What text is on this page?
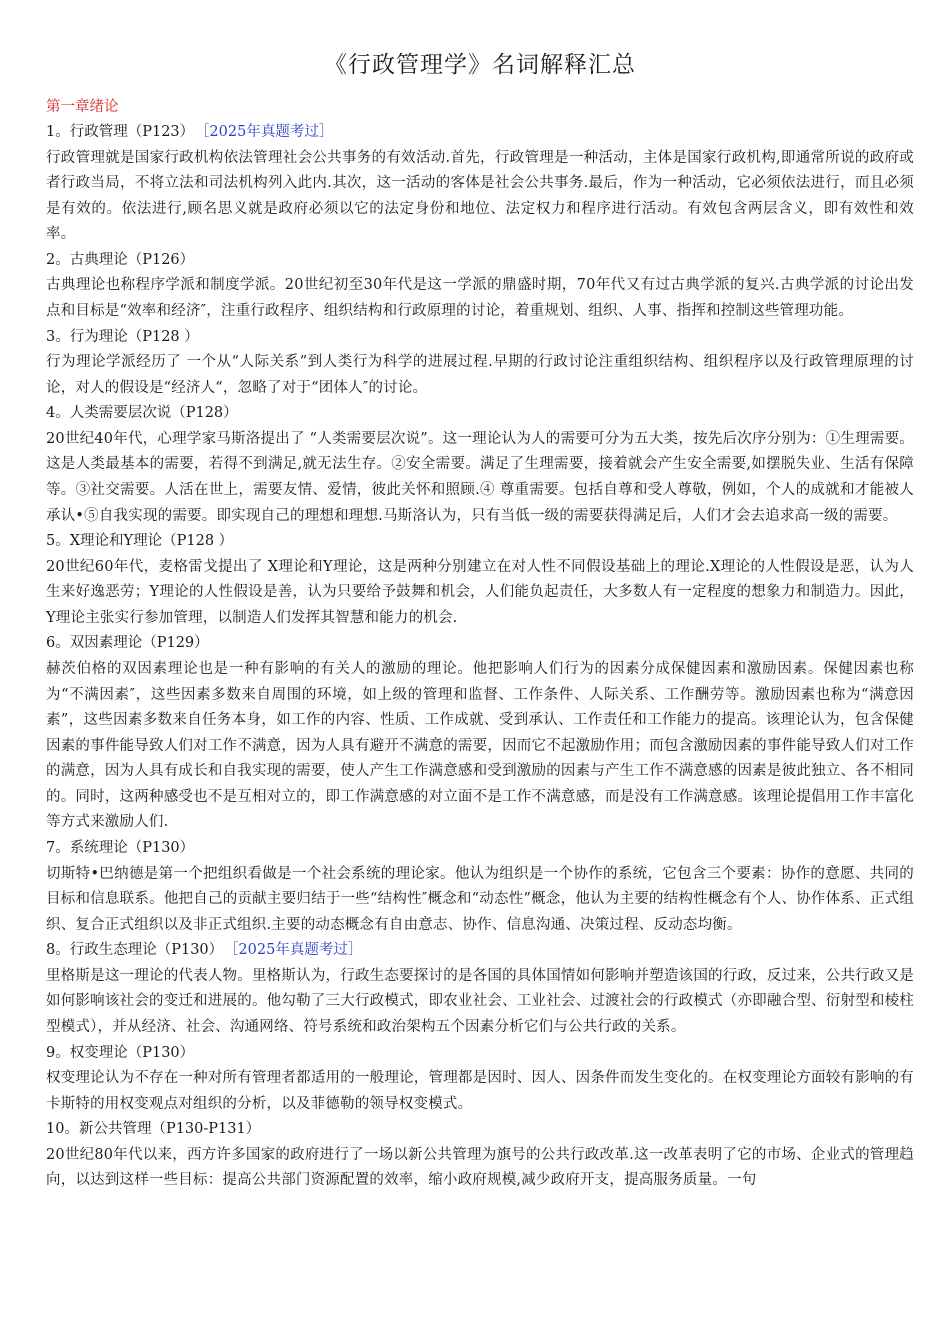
《行政管理学》名词解释汇总

第一章绪论

1。行政管理（P123） ［2025年真题考过］

行政管理就是国家行政机构依法管理社会公共事务的有效活动.首先，行政管理是一种活动，主体是国家行政机构,即通常所说的政府或者行政当局，不将立法和司法机构列入此内.其次，这一活动的客体是社会公共事务.最后，作为一种活动，它必须依法进行，而且必须是有效的。依法进行,顾名思义就是政府必须以它的法定身份和地位、法定权力和程序进行活动。有效包含两层含义，即有效性和效率。

2。古典理论（P126）

古典理论也称程序学派和制度学派。20世纪初至30年代是这一学派的鼎盛时期，70年代又有过古典学派的复兴.古典学派的讨论出发点和目标是“效率和经济″，注重行政程序、组织结构和行政原理的讨论，着重规划、组织、人事、指挥和控制这些管理功能。

3。行为理论（P128 ）

行为理论学派经历了 一个从“人际关系”到人类行为科学的进展过程.早期的行政讨论注重组织结构、组织程序以及行政管理原理的讨论，对人的假设是“经济人“，忽略了对于“团体人″的讨论。

4。人类需要层次说（P128）

20世纪40年代，心理学家马斯洛提出了 “人类需要层次说”。这一理论认为人的需要可分为五大类，按先后次序分别为：①生理需要。这是人类最基本的需要，若得不到满足,就无法生存。②安全需要。满足了生理需要，接着就会产生安全需要,如摆脱失业、生活有保障等。③社交需要。人活在世上，需要友情、爱情，彼此关怀和照顾.④ 尊重需要。包括自尊和受人尊敬，例如，个人的成就和才能被人承认•⑤自我实现的需要。即实现自己的理想和理想.马斯洛认为，只有当低一级的需要获得满足后，人们才会去追求高一级的需要。

5。X理论和Y理论（P128 ）

20世纪60年代，麦格雷戈提出了 X理论和Y理论，这是两种分别建立在对人性不同假设基础上的理论.X理论的人性假设是恶，认为人生来好逸恶劳；Y理论的人性假设是善，认为只要给予鼓舞和机会，人们能负起责任，大多数人有一定程度的想象力和制造力。因此，Y理论主张实行参加管理，以制造人们发挥其智慧和能力的机会.

6。双因素理论（P129）

赫茨伯格的双因素理论也是一种有影响的有关人的激励的理论。他把影响人们行为的因素分成保健因素和激励因素。保健因素也称为“不满因素″，这些因素多数来自周围的环境，如上级的管理和监督、工作条件、人际关系、工作酬劳等。激励因素也称为“满意因素”，这些因素多数来自任务本身，如工作的内容、性质、工作成就、受到承认、工作责任和工作能力的提高。该理论认为，包含保健因素的事件能导致人们对工作不满意，因为人具有避开不满意的需要，因而它不起激励作用；而包含激励因素的事件能导致人们对工作的满意，因为人具有成长和自我实现的需要，使人产生工作满意感和受到激励的因素与产生工作不满意感的因素是彼此独立、各不相同的。同时，这两种感受也不是互相对立的，即工作满意感的对立面不是工作不满意感，而是没有工作满意感。该理论提倡用工作丰富化等方式来激励人们.

7。系统理论（P130）

切斯特•巴纳德是第一个把组织看做是一个社会系统的理论家。他认为组织是一个协作的系统，它包含三个要素：协作的意愿、共同的目标和信息联系。他把自己的贡献主要归结于一些“结构性″概念和“动态性”概念，他认为主要的结构性概念有个人、协作体系、正式组织、复合正式组织以及非正式组织.主要的动态概念有自由意志、协作、信息沟通、决策过程、反动态均衡。

8。行政生态理论（P130） ［2025年真题考过］

里格斯是这一理论的代表人物。里格斯认为，行政生态要探讨的是各国的具体国情如何影响并塑造该国的行政，反过来，公共行政又是如何影响该社会的变迁和进展的。他勾勒了三大行政模式，即农业社会、工业社会、过渡社会的行政模式（亦即融合型、衍射型和棱柱型模式），并从经济、社会、沟通网络、符号系统和政治架构五个因素分析它们与公共行政的关系。

9。权变理论（P130）

权变理论认为不存在一种对所有管理者都适用的一般理论，管理都是因时、因人、因条件而发生变化的。在权变理论方面较有影响的有卡斯特的用权变观点对组织的分析，以及菲德勒的领导权变模式。

10。新公共管理（P130-P131）

20世纪80年代以来，西方许多国家的政府进行了一场以新公共管理为旗号的公共行政改革.这一改革表明了它的市场、企业式的管理趋向，以达到这样一些目标：提高公共部门资源配置的效率，缩小政府规模,减少政府开支，提高服务质量。一句
